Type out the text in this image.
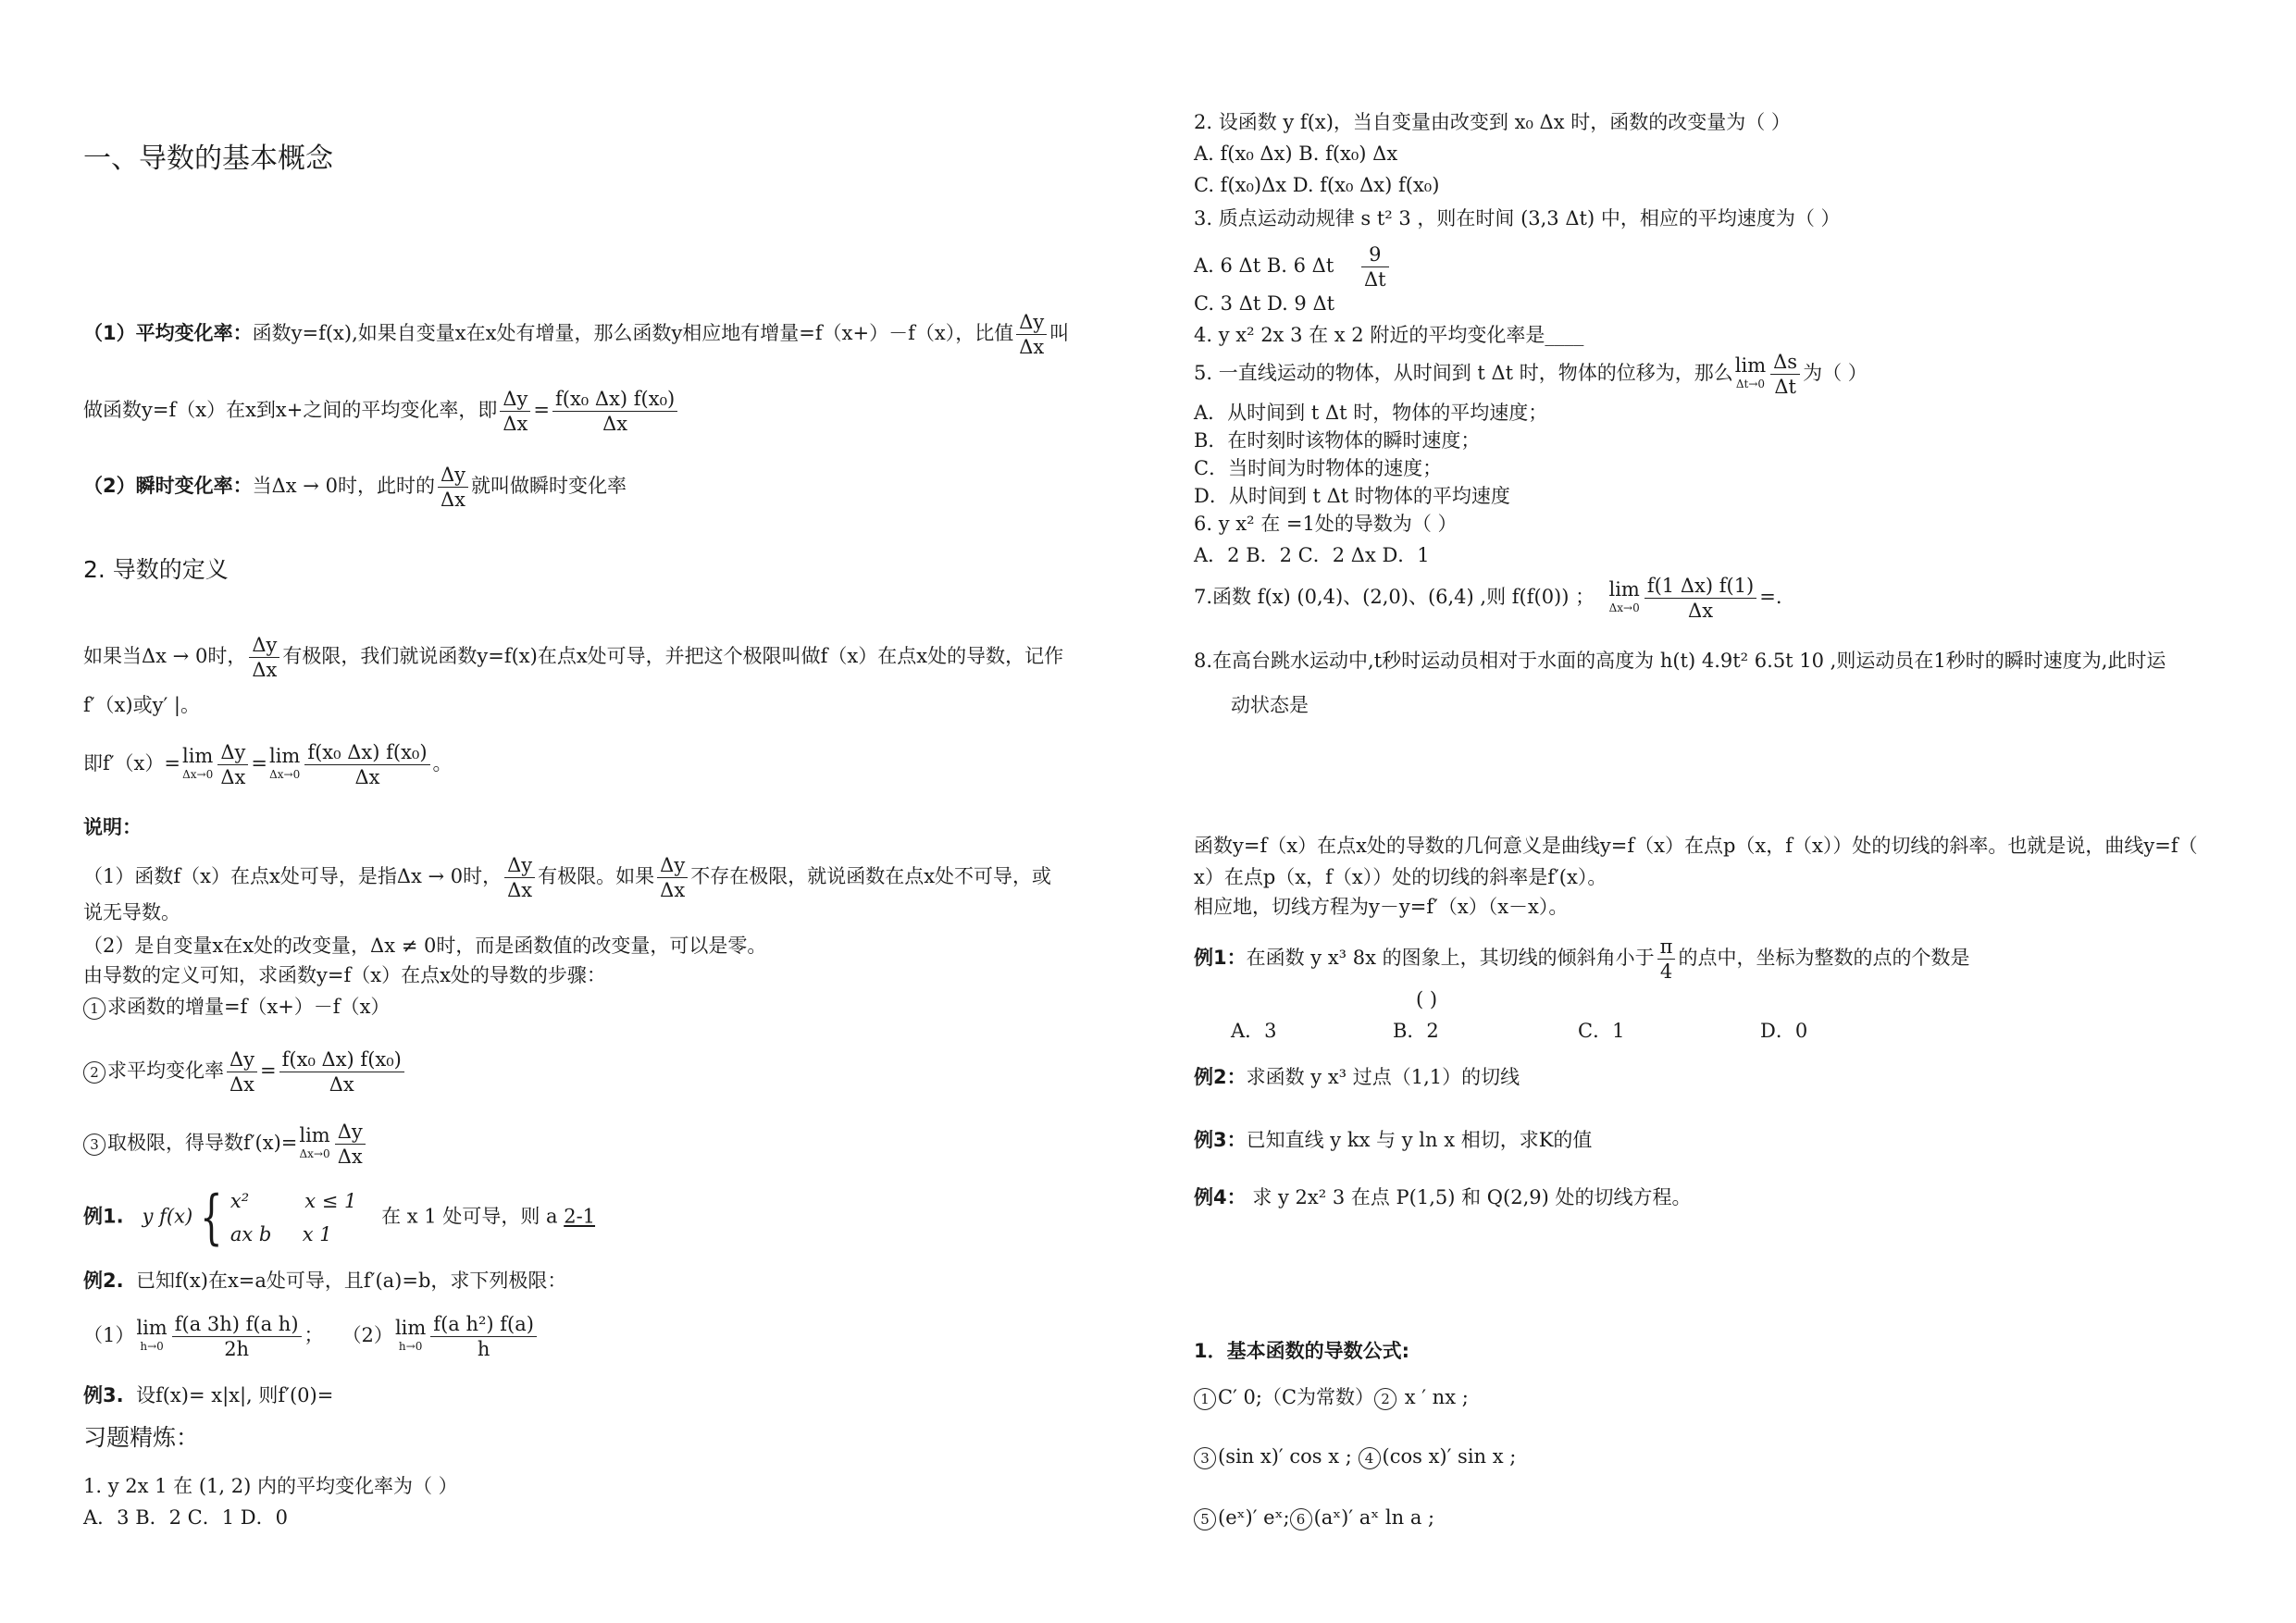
一、导数的基本概念
（1）平均变化率：函数y=f(x),如果自变量x在x处有增量，那么函数y相应地有增量=f（x+）－f（x），比值 $\frac{\Delta y}{\Delta x}$ 叫
做函数y=f（x）在x到x+之间的平均变化率，即 $\frac{\Delta y}{\Delta x} = \frac{\text{f(x₀ Δx) f(x₀)}}{\Delta x}$
（2）瞬时变化率：当Δx → 0时，此时的 $\frac{\Delta y}{\Delta x}$ 就叫做瞬时变化率
2. 导数的定义
如果当Δx → 0时， $\frac{\Delta y}{\Delta x}$ 有极限，我们就说函数y=f(x)在点x处可导，并把这个极限叫做f（x）在点x处的导数，记作
f′（x)或y′ |。
即f′（x）= lim
$\Delta x\to 0 \frac{\Delta y}{\Delta x} = \lim$
$\Delta x\to 0 \frac{\text{f(x₀ Δx) f(x₀)}}{\Delta x}$ 。
说明：
（1）函数f（x）在点x处可导，是指Δx → 0时， $\frac{\Delta y}{\Delta x}$ 有极限。如果 $\frac{\Delta y}{\Delta x}$ 不存在极限，就说函数在点x处不可导，或
说无导数。
（2）是自变量x在x处的改变量，Δx ≠ 0时，而是函数值的改变量，可以是零。
由导数的定义可知，求函数y=f（x）在点x处的导数的步骤：
1 求函数的增量=f（x+）－f（x）
2 求平均变化率 $\frac{\Delta y}{\Delta x} = \frac{\text{f(x₀ Δx) f(x₀)}}{\Delta x}$
3 取极限，得导数f′(x)= lim
$\Delta x\to 0 \frac{\Delta y}{\Delta x}$
例1. y f(x) { x²	x ≤ 1
ax b x 1
在 x 1 处可导，则 a 2-1
例2. 已知f(x)在x=a处可导，且f′(a)=b，求下列极限：
（1） lim
$h\to 0 \frac{\text{f(a 3h) f(a h)}}{2h}$ ； （2） lim
$h\to 0 \frac{\text{f(a h²) f(a)}}{h}$
例3. 设f(x)= x|x|, 则f′(0)=
习题精炼：
1. y 2x 1 在 (1, 2) 内的平均变化率为（ ）
A．3 B．2 C．1 D．0
2. 设函数 y f(x)，当自变量由改变到 x₀ Δx 时，函数的改变量为（ ）
A. f(x₀ Δx) B. f(x₀) Δx
C. f(x₀)Δx D. f(x₀ Δx) f(x₀)
3. 质点运动动规律 s t² 3 ，则在时间 (3,3 Δt) 中，相应的平均速度为（ ）
A. 6 Δt B. 6 Δt $\frac{9}{\Delta t}$
C. 3 Δt D. 9 Δt
4. y x² 2x 3 在 x 2 附近的平均变化率是____
5. 一直线运动的物体，从时间到 t Δt 时，物体的位移为，那么 lim
$\Delta t\to 0 \frac{\Delta s}{\Delta t}$ 为（ ）
A．从时间到 t Δt 时，物体的平均速度；
B．在时刻时该物体的瞬时速度；
C．当时间为时物体的速度；
D．从时间到 t Δt 时物体的平均速度
6. y x² 在 =1处的导数为（ ）
A．2 B．2 C．2 Δx D．1
7.函数 f(x) (0,4)、(2,0)、(6,4) ,则 f(f(0)) ； lim
$\Delta x\to 0 \frac{f(1 \Delta x) f(1)}{\Delta x}$ =.
8.在高台跳水运动中,t秒时运动员相对于水面的高度为 h(t) 4.9t² 6.5t 10 ,则运动员在1秒时的瞬时速度为,此时运
动状态是
函数y=f（x）在点x处的导数的几何意义是曲线y=f（x）在点p（x，f（x））处的切线的斜率。也就是说，曲线y=f（
x）在点p（x，f（x））处的切线的斜率是f′(x）。
相应地，切线方程为y－y=f′（x）（x－x）。
例1：在函数 y x³ 8x 的图象上，其切线的倾斜角小于 $\frac{\pi}{4}$ 的点中，坐标为整数的点的个数是
( )
A．3	B．2	C．1	D．0
例2：求函数 y x³ 过点（1,1）的切线
例3：已知直线 y kx 与 y ln x 相切，求K的值
例4： 求 y 2x² 3 在点 P(1,5) 和 Q(2,9) 处的切线方程。
1．基本函数的导数公式:
1 C′ 0;（C为常数） 2 x ′ nx ;
3 (sin x)′ cos x ; 4 (cos x)′ sin x ;
5 (eˣ)′ eˣ; 6 (aˣ)′ aˣ ln a ;
